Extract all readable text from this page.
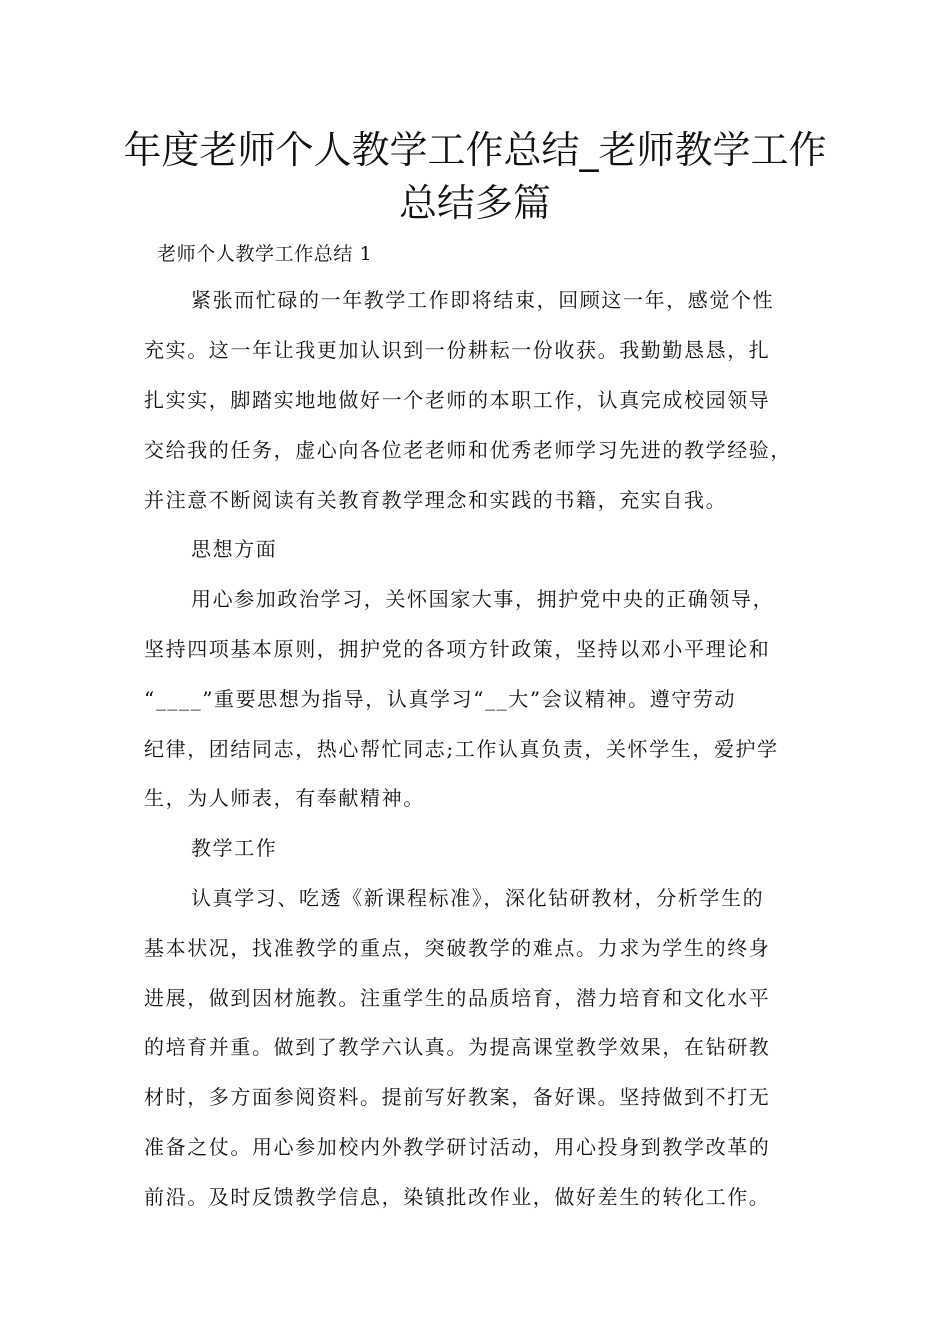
年度老师个人教学工作总结_老师教学工作总结多篇
老师个人教学工作总结 1
紧张而忙碌的一年教学工作即将结束，回顾这一年，感觉个性
充实。这一年让我更加认识到一份耕耘一份收获。我勤勤恳恳，扎
扎实实，脚踏实地地做好一个老师的本职工作，认真完成校园领导
交给我的任务，虚心向各位老老师和优秀老师学习先进的教学经验，
并注意不断阅读有关教育教学理念和实践的书籍，充实自我。
思想方面
用心参加政治学习，关怀国家大事，拥护党中央的正确领导，
坚持四项基本原则，拥护党的各项方针政策，坚持以邓小平理论和
“____”重要思想为指导，认真学习“__大”会议精神。遵守劳动
纪律，团结同志，热心帮忙同志;工作认真负责，关怀学生，爱护学
生，为人师表，有奉献精神。
教学工作
认真学习、吃透《新课程标准》，深化钻研教材，分析学生的
基本状况，找准教学的重点，突破教学的难点。力求为学生的终身
进展，做到因材施教。注重学生的品质培育，潜力培育和文化水平
的培育并重。做到了教学六认真。为提高课堂教学效果，在钻研教
材时，多方面参阅资料。提前写好教案，备好课。坚持做到不打无
准备之仗。用心参加校内外教学研讨活动，用心投身到教学改革的
前沿。及时反馈教学信息，染镇批改作业，做好差生的转化工作。
